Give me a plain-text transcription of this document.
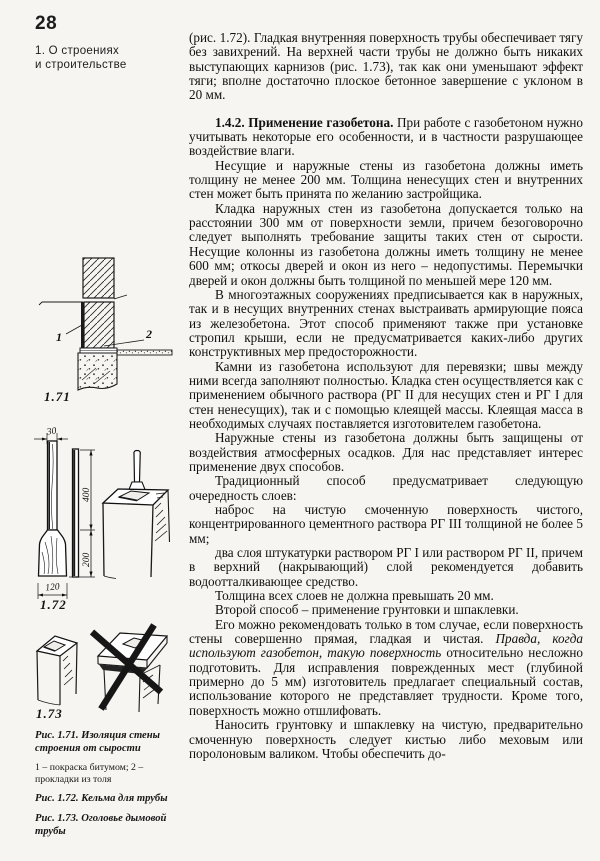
28
1. О строениях
и строительстве
1	2
1.71
30
120
400
200
1.72
1.73
Рис. 1.71. Изоляция стены строения от сырости
1 – покраска битумом; 2 – прокладки из толя
Рис. 1.72. Кельма для трубы
Рис. 1.73. Оголовье дымовой трубы

(рис. 1.72). Гладкая внутренняя поверхность трубы обеспечивает тягу без завихрений. На верхней части трубы не должно быть никаких выступающих карнизов (рис. 1.73), так как они уменьшают эффект тяги; вполне достаточно плоское бетонное завершение с уклоном в 20 мм.

1.4.2. Применение газобетона. При работе с газобетоном нужно учитывать некоторые его особенности, и в частности разрушающее воздействие влаги.

Несущие и наружные стены из газобетона должны иметь толщину не менее 200 мм. Толщина ненесущих стен и внутренних стен может быть принята по желанию застройщика.

Кладка наружных стен из газобетона допускается только на расстоянии 300 мм от поверхности земли, причем безоговорочно следует выполнять требование защиты таких стен от сырости. Несущие колонны из газобетона должны иметь толщину не менее 600 мм; откосы дверей и окон из него – недопустимы. Перемычки дверей и окон должны быть толщиной по меньшей мере 120 мм.

В многоэтажных сооружениях предписывается как в наружных, так и в несущих внутренних стенах выстраивать армирующие пояса из железобетона. Этот способ применяют также при установке стропил крыши, если не предусматривается каких-либо других конструктивных мер предосторожности.

Камни из газобетона используют для перевязки; швы между ними всегда заполняют полностью. Кладка стен осуществляется как с применением обычного раствора (РГ II для несущих стен и РГ I для стен ненесущих), так и с помощью клеящей массы. Клеящая масса в необходимых случаях поставляется изготовителем газобетона.

Наружные стены из газобетона должны быть защищены от воздействия атмосферных осадков. Для нас представляет интерес применение двух способов.

Традиционный способ предусматривает следующую очередность слоев:

наброс на чистую смоченную поверхность чистого, концентрированного цементного раствора РГ III толщиной не более 5 мм;

два слоя штукатурки раствором РГ I или раствором РГ II, причем в верхний (накрывающий) слой рекомендуется добавить водоотталкивающее средство.

Толщина всех слоев не должна превышать 20 мм.

Второй способ – применение грунтовки и шпаклевки.

Его можно рекомендовать только в том случае, если поверхность стены совершенно прямая, гладкая и чистая. Правда, когда используют газобетон, такую поверхность относительно несложно подготовить. Для исправления поврежденных мест (глубиной примерно до 5 мм) изготовитель предлагает специальный состав, использование которого не представляет трудности. Кроме того, поверхность можно отшлифовать.

Наносить грунтовку и шпаклевку на чистую, предварительно смоченную поверхность следует кистью либо меховым или поролоновым валиком. Чтобы обеспечить до-
